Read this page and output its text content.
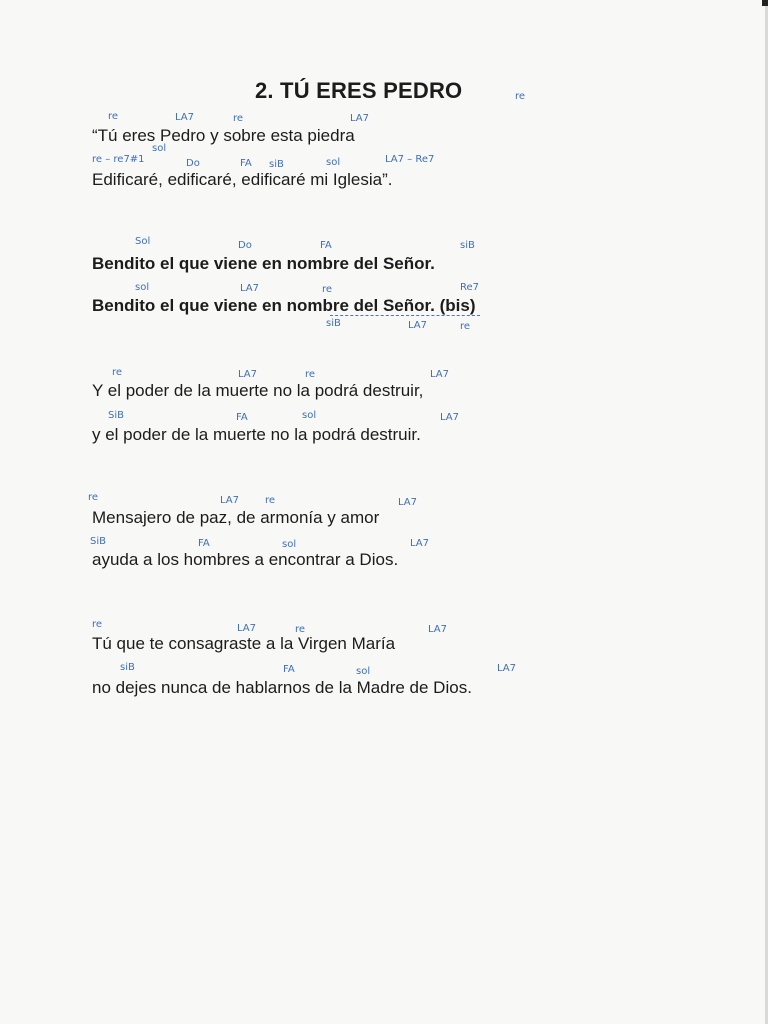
2. TÚ ERES PEDRO	re
re	LA7	re	LA7
“Tú eres Pedro y sobre esta piedra
sol
re – re7#1	Do	FA siB	sol	LA7 – Re7
Edificaré, edificaré, edificaré mi Iglesia”.
Sol	Do	FA	siB
Bendito el que viene en nombre del Señor.
sol	LA7	re	Re7
Bendito el que viene en nombre del Señor. (bis)
siB	LA7	re
re	LA7	re	LA7
Y el poder de la muerte no la podrá destruir,
SiB	FA	sol	LA7
y el poder de la muerte no la podrá destruir.
re	LA7	re	LA7
Mensajero de paz, de armonía y amor
SiB	FA	sol	LA7
ayuda a los hombres a encontrar a Dios.
re	LA7	re	LA7
Tú que te consagraste a la Virgen María
siB	FA	sol	LA7
no dejes nunca de hablarnos de la Madre de Dios.
